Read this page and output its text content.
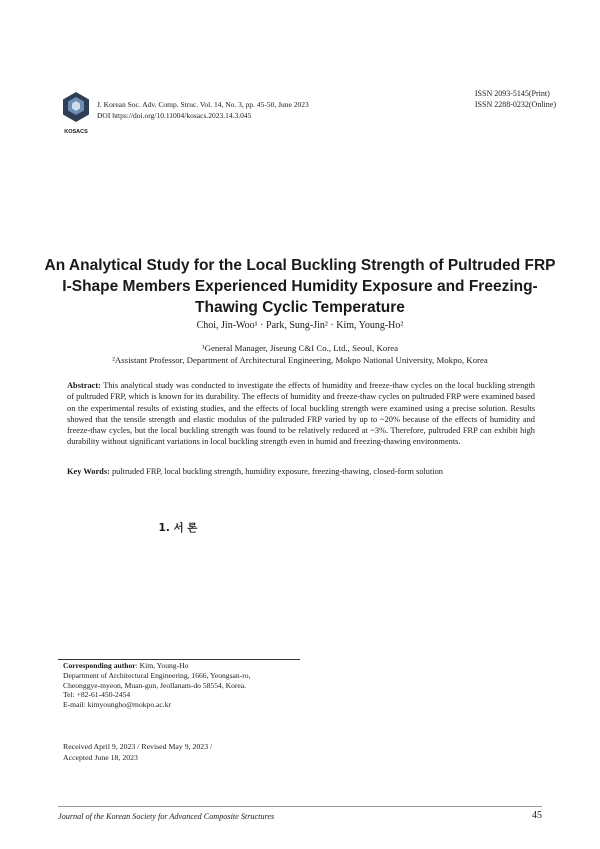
KOSACS
J. Korean Soc. Adv. Comp. Struc. Vol. 14, No. 3, pp. 45-50, June 2023
DOI https://doi.org/10.11004/kosacs.2023.14.3.045
ISSN 2093-5145(Print)
ISSN 2288-0232(Online)
An Analytical Study for the Local Buckling Strength of Pultruded FRP I-Shape Members Experienced Humidity Exposure and Freezing-Thawing Cyclic Temperature
Choi, Jin-Woo¹ · Park, Sung-Jin² · Kim, Young-Ho²
¹General Manager, Jiseung C&I Co., Ltd., Seoul, Korea
²Assistant Professor, Department of Architectural Engineering, Mokpo National University, Mokpo, Korea
Abstract: This analytical study was conducted to investigate the effects of humidity and freeze-thaw cycles on the local buckling strength of pultruded FRP, which is known for its durability. The effects of humidity and freeze-thaw cycles on pultruded FRP were examined based on the experimental results of existing studies, and the effects of local buckling strength were examined using a precise solution. Results showed that the tensile strength and elastic modulus of the pultruded FRP varied by up to ~20% because of the effects of humidity and freeze-thaw cycles, but the local buckling strength was found to be relatively reduced at ~3%. Therefore, pultruded FRP can exhibit high durability without significant variations in local buckling strength even in humid and freezing-thawing environments.
Key Words: pultruded FRP, local buckling strength, humidity exposure, freezing-thawing, closed-form solution
1. 서 론
Corresponding author: Kim, Young-Ho
Department of Architectural Engineering, 1666, Yeongsan-ro,
Cheonggye-myeon, Muan-gun, Jeollanam-do 58554, Korea.
Tel: +82-61-450-2454
E-mail: kimyoungho@mokpo.ac.kr
Received April 9, 2023 / Revised May 9, 2023 /
Accepted June 18, 2023
Journal of the Korean Society for Advanced Composite Structures	45
